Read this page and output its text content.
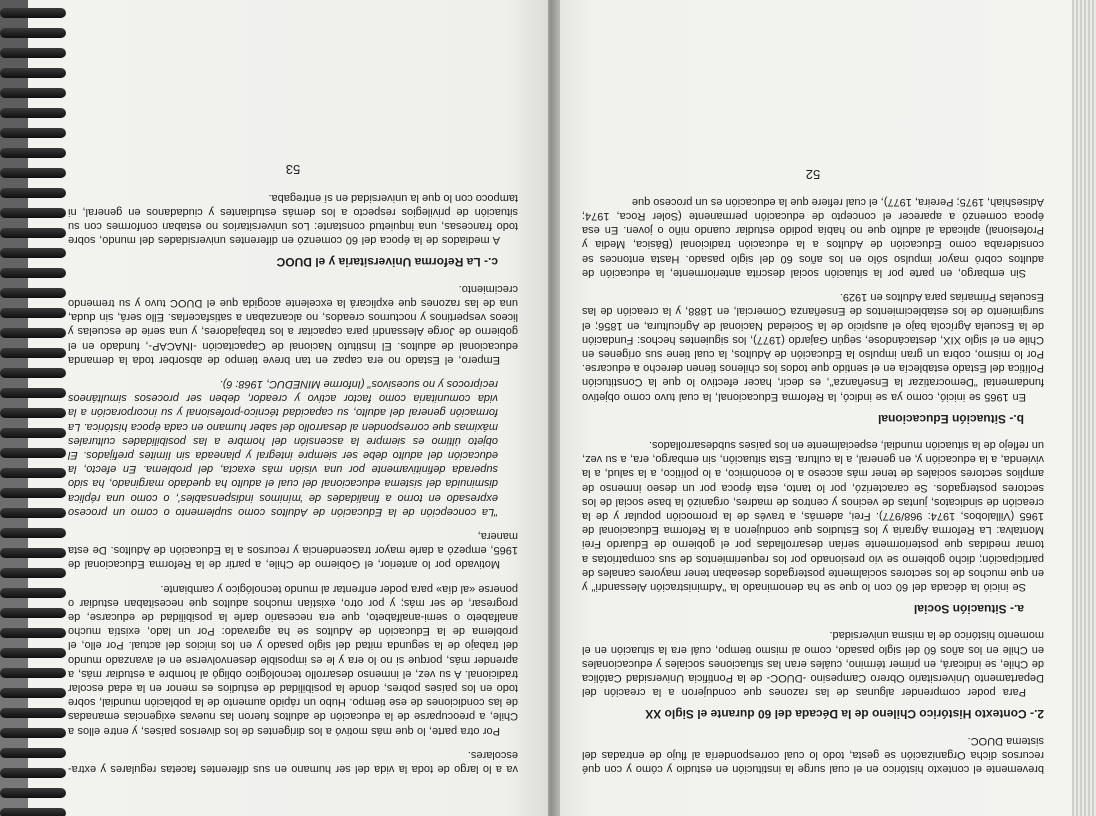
brevemente el contexto histórico en el cual surge la institución en estudio y cómo y con qué recursos dicha Organización se gesta, todo lo cual correspondería al flujo de entradas del sistema DUOC.

2.- Contexto Histórico Chileno de la Década del 60 durante el Siglo XX

Para poder comprender algunas de las razones que condujeron a la creación del Departamento Universitario Obrero Campesino -DUOC- de la Pontificia Universidad Católica de Chile, se indicará, en primer término, cuáles eran las situaciones sociales y educacionales en Chile en los años 60 del siglo pasado, como al mismo tiempo, cuál era la situación en el momento histórico de la misma universidad.

a.- Situación Social

Se inició la década del 60 con lo que se ha denominado la "Administración Alessandri" y en que muchos de los sectores socialmente postergados deseaban tener mayores canales de participación; dicho gobierno se vio presionado por los requerimientos de sus compatriotas a tomar medidas que posteriormente serían desarrolladas por el gobierno de Eduardo Frei Montalva: La Reforma Agraria y los Estudios que condujeron a la Reforma Educacional de 1965 (Villalobos, 1974: 968/977). Frei, además, a través de la promoción popular y de la creación de sindicatos, juntas de vecinos y centros de madres, organizó la base social de los sectores postergados. Se caracterizó, por lo tanto, esta época por un deseo inmenso de amplios sectores sociales de tener más acceso a lo económico, a lo político, a la salud, a la vivienda, a la educación y, en general, a la cultura. Esta situación, sin embargo, era, a su vez, un reflejo de la situación mundial, especialmente en los países subdesarrollados.

b.- Situación Educacional

En 1965 se inició, como ya se indicó, la Reforma Educacional, la cual tuvo como objetivo fundamental "Democratizar la Enseñanza", es decir, hacer efectivo lo que la Constitución Política del Estado establecía en el sentido que todos los chilenos tienen derecho a educarse. Por lo mismo, cobra un gran impulso la Educación de Adultos, la cual tiene sus orígenes en Chile en el siglo XIX, destacándose, según Gajardo (1977), los siguientes hechos: Fundación de la Escuela Agrícola bajo el auspicio de la Sociedad Nacional de Agricultura, en 1856; el surgimiento de los establecimientos de Enseñanza Comercial, en 1888, y la creación de las Escuelas Primarias para Adultos en 1929.

Sin embargo, en parte por la situación social descrita anteriormente, la educación de adultos cobró mayor impulso sólo en los años 60 del siglo pasado. Hasta entonces se consideraba como Educación de Adultos a la educación tradicional (Básica, Media y Profesional) aplicada al adulto que no había podido estudiar cuando niño o joven. En esa época comenzó a aparecer el concepto de educación permanente (Soler Roca, 1974; Adiseshiah, 1975; Pereira, 1977), el cual refiere que la educación es un proceso que

52

va a lo largo de toda la vida del ser humano en sus diferentes facetas regulares y extra-escolares.

Por otra parte, lo que más motivó a los dirigentes de los diversos países, y entre ellos a Chile, a preocuparse de la educación de adultos fueron las nuevas exigencias emanadas de las condiciones de ese tiempo. Hubo un rápido aumento de la población mundial, sobre todo en los países pobres, donde la posibilidad de estudios es menor en la edad escolar tradicional. A su vez, el inmenso desarrollo tecnológico obligó al hombre a estudiar más, a aprender más, porque si no lo era y le es imposible desenvolverse en el avanzado mundo del trabajo de la segunda mitad del siglo pasado y en los inicios del actual. Por ello, el problema de la Educación de Adultos se ha agravado: Por un lado, existía mucho analfabeto o semi-analfabeto, que era necesario darle la posibilidad de educarse, de progresar, de ser más; y por otro, existían muchos adultos que necesitaban estudiar o ponerse «al día» para poder enfrentar al mundo tecnológico y cambiante.

Motivado por lo anterior, el Gobierno de Chile, a partir de la Reforma Educacional de 1965, empezó a darle mayor trascendencia y recursos a la Educación de Adultos. De esta manera,

"La concepción de la Educación de Adultos como suplemento o como un proceso expresado en torno a finalidades de 'mínimos indispensables', o como una réplica disminuida del sistema educacional del cual el adulto ha quedado marginado, ha sido superada definitivamente por una visión más exacta, del problema. En efecto, la educación del adulto debe ser siempre integral y planeada sin límites prefijados. El objeto último es siempre la ascensión del hombre a las posibilidades culturales máximas que corresponden al desarrollo del saber humano en cada época histórica. La formación general del adulto, su capacidad técnico-profesional y su incorporación a la vida comunitaria como factor activo y creador, deben ser procesos simultáneos recíprocos y no sucesivos" (Informe MINEDUC, 1968: 6).

Empero, el Estado no era capaz en tan breve tiempo de absorber toda la demanda educacional de adultos. El Instituto Nacional de Capacitación -INACAP-, fundado en el gobierno de Jorge Alessandri para capacitar a los trabajadores, y una serie de escuelas y liceos vespertinos y nocturnos creados, no alcanzaban a satisfacerlas. Ello será, sin duda, una de las razones que explicará la excelente acogida que el DUOC tuvo y su tremendo crecimiento.

c.- La Reforma Universitaria y el DUOC

A mediados de la época del 60 comenzó en diferentes universidades del mundo, sobre todo francesas, una inquietud constante: Los universitarios no estaban conformes con su situación de privilegios respecto a los demás estudiantes y ciudadanos en general, ni tampoco con lo que la universidad en sí entregaba.

53
